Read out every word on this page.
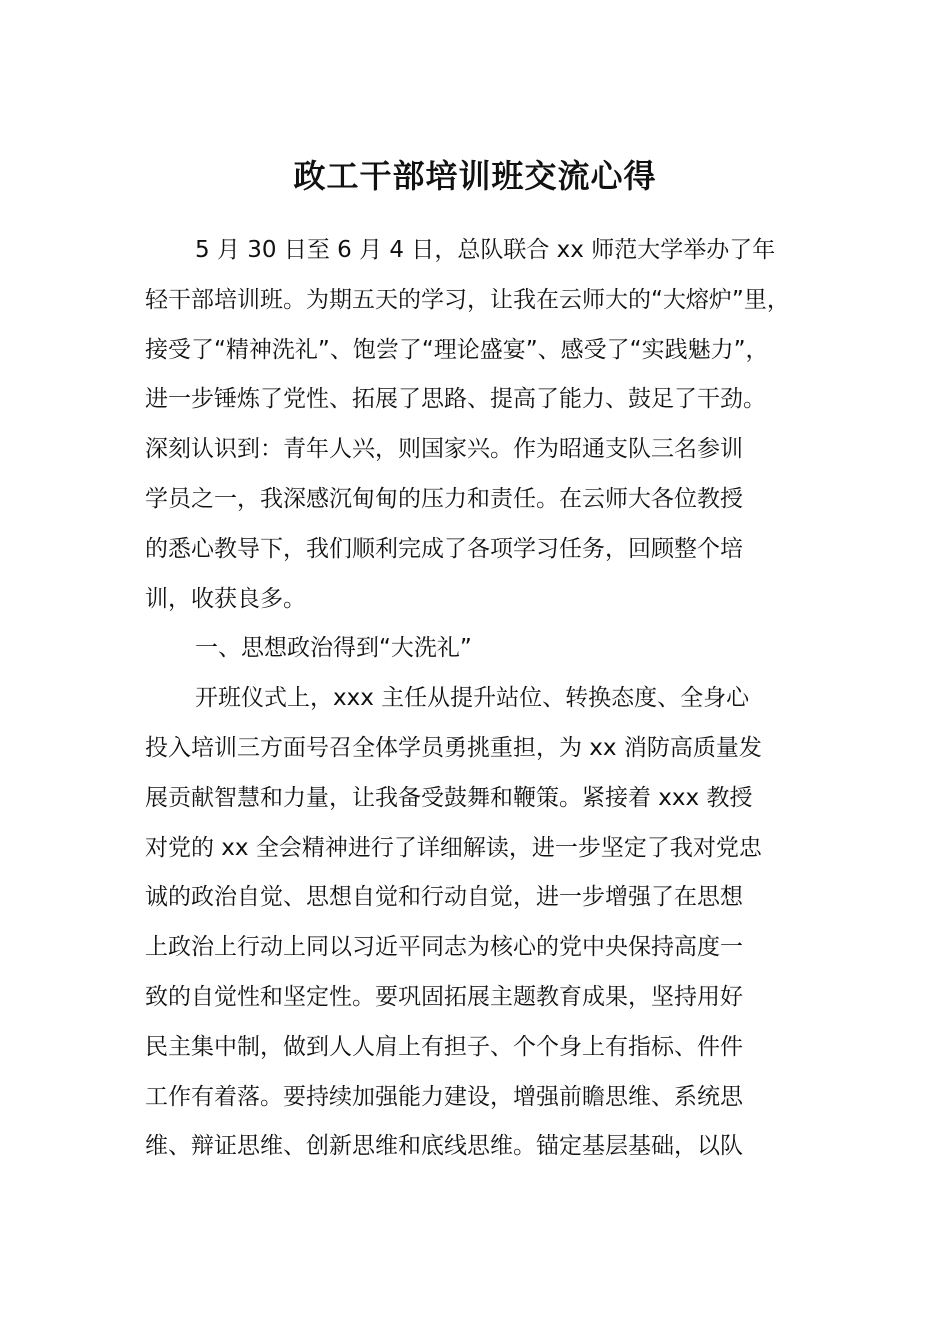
政工干部培训班交流心得
5 月 30 日至 6 月 4 日，总队联合 xx 师范大学举办了年
轻干部培训班。为期五天的学习，让我在云师大的“大熔炉”里，
接受了“精神洗礼”、饱尝了“理论盛宴”、感受了“实践魅力”，
进一步锤炼了党性、拓展了思路、提高了能力、鼓足了干劲。
深刻认识到：青年人兴，则国家兴。作为昭通支队三名参训
学员之一，我深感沉甸甸的压力和责任。在云师大各位教授
的悉心教导下，我们顺利完成了各项学习任务，回顾整个培
训，收获良多。
一、思想政治得到“大洗礼”
开班仪式上，xxx 主任从提升站位、转换态度、全身心
投入培训三方面号召全体学员勇挑重担，为 xx 消防高质量发
展贡献智慧和力量，让我备受鼓舞和鞭策。紧接着 xxx 教授
对党的 xx 全会精神进行了详细解读，进一步坚定了我对党忠
诚的政治自觉、思想自觉和行动自觉，进一步增强了在思想
上政治上行动上同以习近平同志为核心的党中央保持高度一
致的自觉性和坚定性。要巩固拓展主题教育成果，坚持用好
民主集中制，做到人人肩上有担子、个个身上有指标、件件
工作有着落。要持续加强能力建设，增强前瞻思维、系统思
维、辩证思维、创新思维和底线思维。锚定基层基础，以队
